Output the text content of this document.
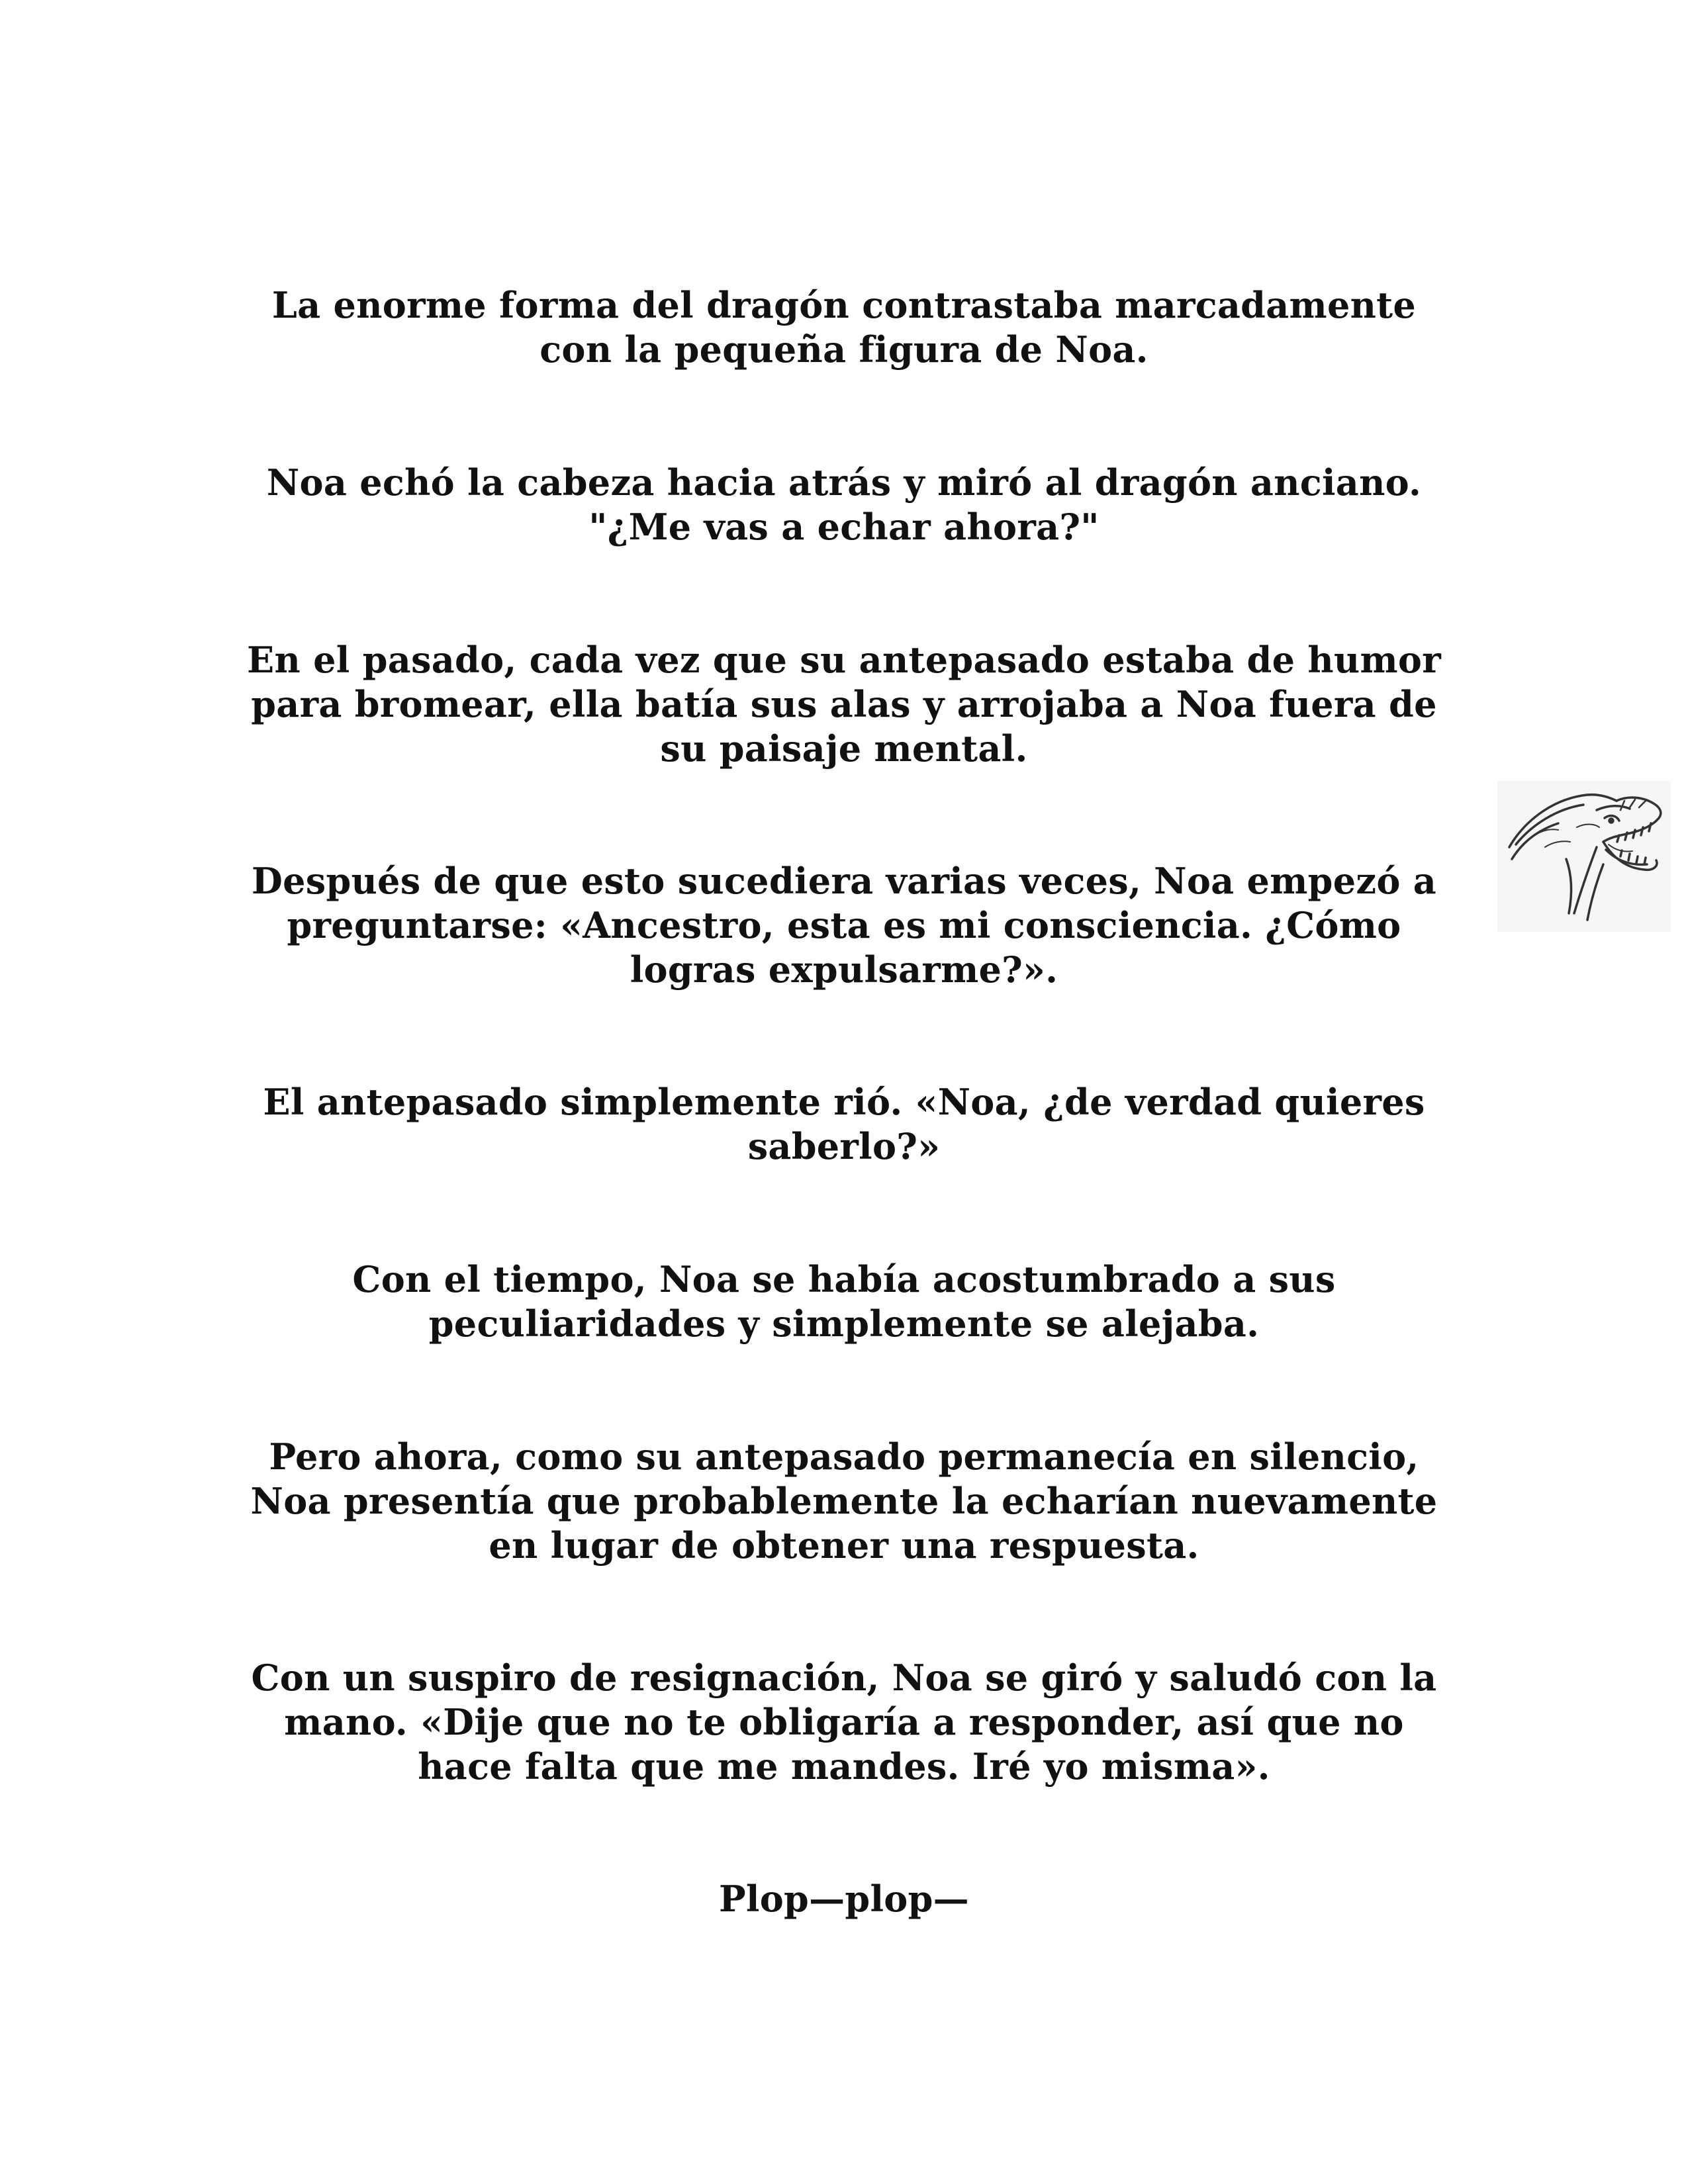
La enorme forma del dragón contrastaba marcadamente con la pequeña figura de Noa.

Noa echó la cabeza hacia atrás y miró al dragón anciano. "¿Me vas a echar ahora?"

En el pasado, cada vez que su antepasado estaba de humor para bromear, ella batía sus alas y arrojaba a Noa fuera de su paisaje mental.

Después de que esto sucediera varias veces, Noa empezó a preguntarse: «Ancestro, esta es mi consciencia. ¿Cómo logras expulsarme?».

El antepasado simplemente rió. «Noa, ¿de verdad quieres saberlo?»

Con el tiempo, Noa se había acostumbrado a sus peculiaridades y simplemente se alejaba.

Pero ahora, como su antepasado permanecía en silencio, Noa presentía que probablemente la echarían nuevamente en lugar de obtener una respuesta.

Con un suspiro de resignación, Noa se giró y saludó con la mano. «Dije que no te obligaría a responder, así que no hace falta que me mandes. Iré yo misma».

Plop—plop—
